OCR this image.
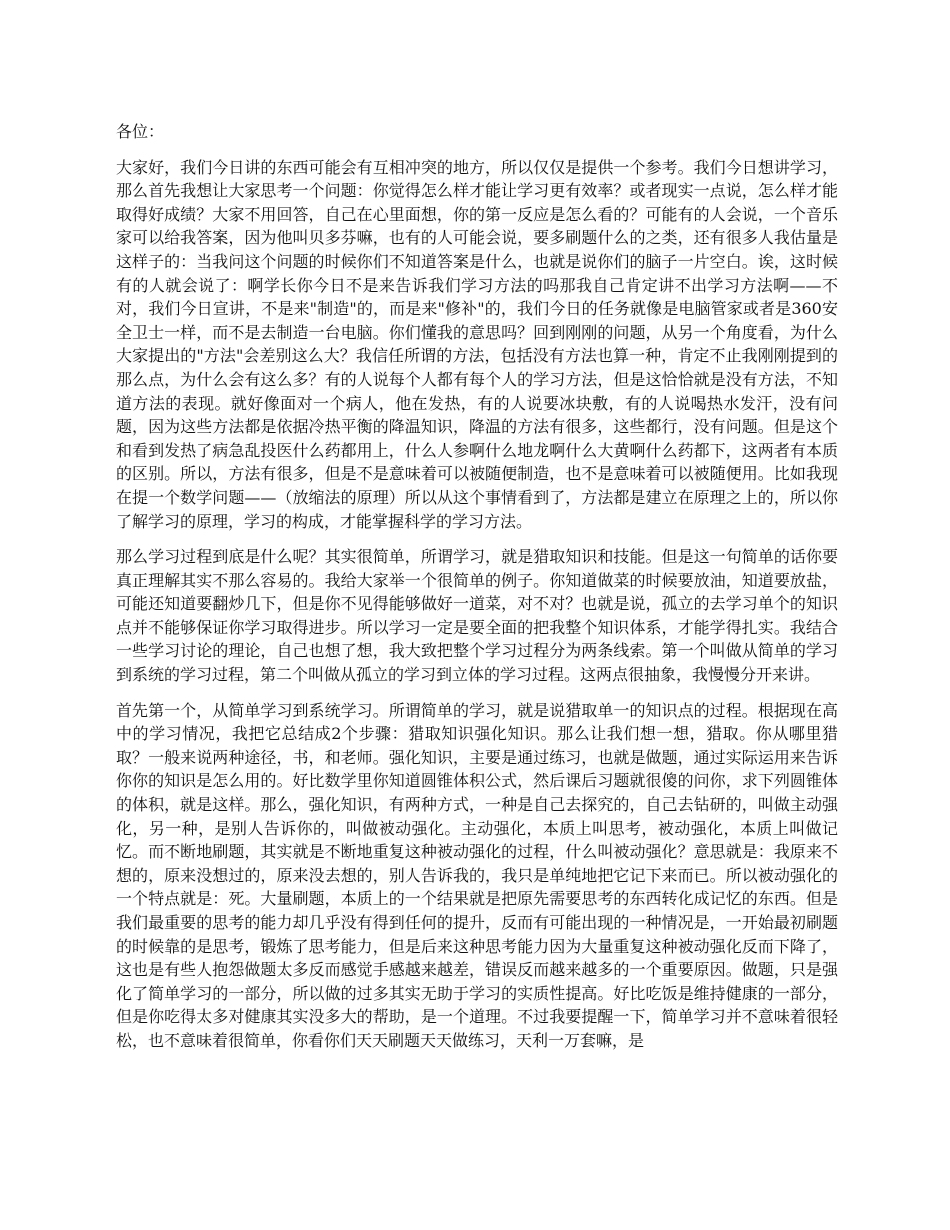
各位：

大家好，我们今日讲的东西可能会有互相冲突的地方，所以仅仅是提供一个参考。我们今日想讲学习，那么首先我想让大家思考一个问题：你觉得怎么样才能让学习更有效率？或者现实一点说，怎么样才能取得好成绩？大家不用回答，自己在心里面想，你的第一反应是怎么看的？可能有的人会说，一个音乐家可以给我答案，因为他叫贝多芬嘛，也有的人可能会说，要多刷题什么的之类，还有很多人我估量是这样子的：当我问这个问题的时候你们不知道答案是什么，也就是说你们的脑子一片空白。诶，这时候有的人就会说了：啊学长你今日不是来告诉我们学习方法的吗那我自己肯定讲不出学习方法啊——不对，我们今日宣讲，不是来"制造"的，而是来"修补"的，我们今日的任务就像是电脑管家或者是360安全卫士一样，而不是去制造一台电脑。你们懂我的意思吗？回到刚刚的问题，从另一个角度看，为什么大家提出的"方法"会差别这么大？我信任所谓的方法，包括没有方法也算一种，肯定不止我刚刚提到的那么点，为什么会有这么多？有的人说每个人都有每个人的学习方法，但是这恰恰就是没有方法，不知道方法的表现。就好像面对一个病人，他在发热，有的人说要冰块敷，有的人说喝热水发汗，没有问题，因为这些方法都是依据冷热平衡的降温知识，降温的方法有很多，这些都行，没有问题。但是这个和看到发热了病急乱投医什么药都用上，什么人参啊什么地龙啊什么大黄啊什么药都下，这两者有本质的区别。所以，方法有很多，但是不是意味着可以被随便制造，也不是意味着可以被随便用。比如我现在提一个数学问题——（放缩法的原理）所以从这个事情看到了，方法都是建立在原理之上的，所以你了解学习的原理，学习的构成，才能掌握科学的学习方法。

那么学习过程到底是什么呢？其实很简单，所谓学习，就是猎取知识和技能。但是这一句简单的话你要真正理解其实不那么容易的。我给大家举一个很简单的例子。你知道做菜的时候要放油，知道要放盐，可能还知道要翻炒几下，但是你不见得能够做好一道菜，对不对？也就是说，孤立的去学习单个的知识点并不能够保证你学习取得进步。所以学习一定是要全面的把我整个知识体系，才能学得扎实。我结合一些学习讨论的理论，自己也想了想，我大致把整个学习过程分为两条线索。第一个叫做从简单的学习到系统的学习过程，第二个叫做从孤立的学习到立体的学习过程。这两点很抽象，我慢慢分开来讲。

首先第一个，从简单学习到系统学习。所谓简单的学习，就是说猎取单一的知识点的过程。根据现在高中的学习情况，我把它总结成2个步骤：猎取知识强化知识。那么让我们想一想，猎取。你从哪里猎取？一般来说两种途径，书，和老师。强化知识，主要是通过练习，也就是做题，通过实际运用来告诉你你的知识是怎么用的。好比数学里你知道圆锥体积公式，然后课后习题就很傻的问你，求下列圆锥体的体积，就是这样。那么，强化知识，有两种方式，一种是自己去探究的，自己去钻研的，叫做主动强化，另一种，是别人告诉你的，叫做被动强化。主动强化，本质上叫思考，被动强化，本质上叫做记忆。而不断地刷题，其实就是不断地重复这种被动强化的过程，什么叫被动强化？意思就是：我原来不想的，原来没想过的，原来没去想的，别人告诉我的，我只是单纯地把它记下来而已。所以被动强化的一个特点就是：死。大量刷题，本质上的一个结果就是把原先需要思考的东西转化成记忆的东西。但是我们最重要的思考的能力却几乎没有得到任何的提升，反而有可能出现的一种情况是，一开始最初刷题的时候靠的是思考，锻炼了思考能力，但是后来这种思考能力因为大量重复这种被动强化反而下降了，这也是有些人抱怨做题太多反而感觉手感越来越差，错误反而越来越多的一个重要原因。做题，只是强化了简单学习的一部分，所以做的过多其实无助于学习的实质性提高。好比吃饭是维持健康的一部分，但是你吃得太多对健康其实没多大的帮助，是一个道理。不过我要提醒一下，简单学习并不意味着很轻松，也不意味着很简单，你看你们天天刷题天天做练习，天利一万套嘛，是
